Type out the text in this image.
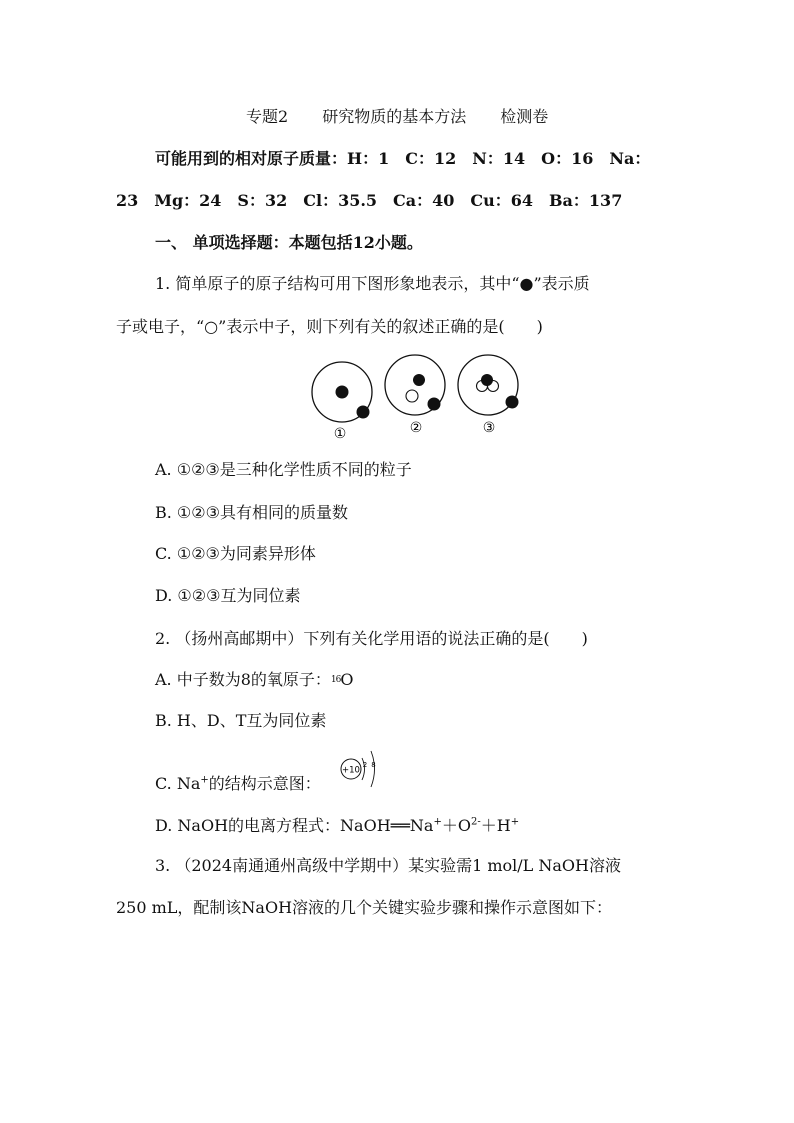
专题2 研究物质的基本方法 检测卷
可能用到的相对原子质量：H：1　C：12　N：14　O：16　Na：
23　Mg：24　S：32　Cl：35.5　Ca：40　Cu：64　Ba：137
一、 单项选择题：本题包括12小题。
1. 简单原子的原子结构可用下图形象地表示，其中“●”表示质
子或电子，“○”表示中子，则下列有关的叙述正确的是(　　)
①	②	③
A. ①②③是三种化学性质不同的粒子
B. ①②③具有相同的质量数
C. ①②③为同素异形体
D. ①②③互为同位素
2. （扬州高邮期中）下列有关化学用语的说法正确的是(　　)
A. 中子数为8的氧原子：16O
B. H、D、T互为同位素
C. Na+的结构示意图：
+10
2 8
D. NaOH的电离方程式：$NaOH══Na^++O^{2-}+H^+$
3. （2024南通通州高级中学期中）某实验需1 mol/L NaOH溶液
250 mL，配制该NaOH溶液的几个关键实验步骤和操作示意图如下：
